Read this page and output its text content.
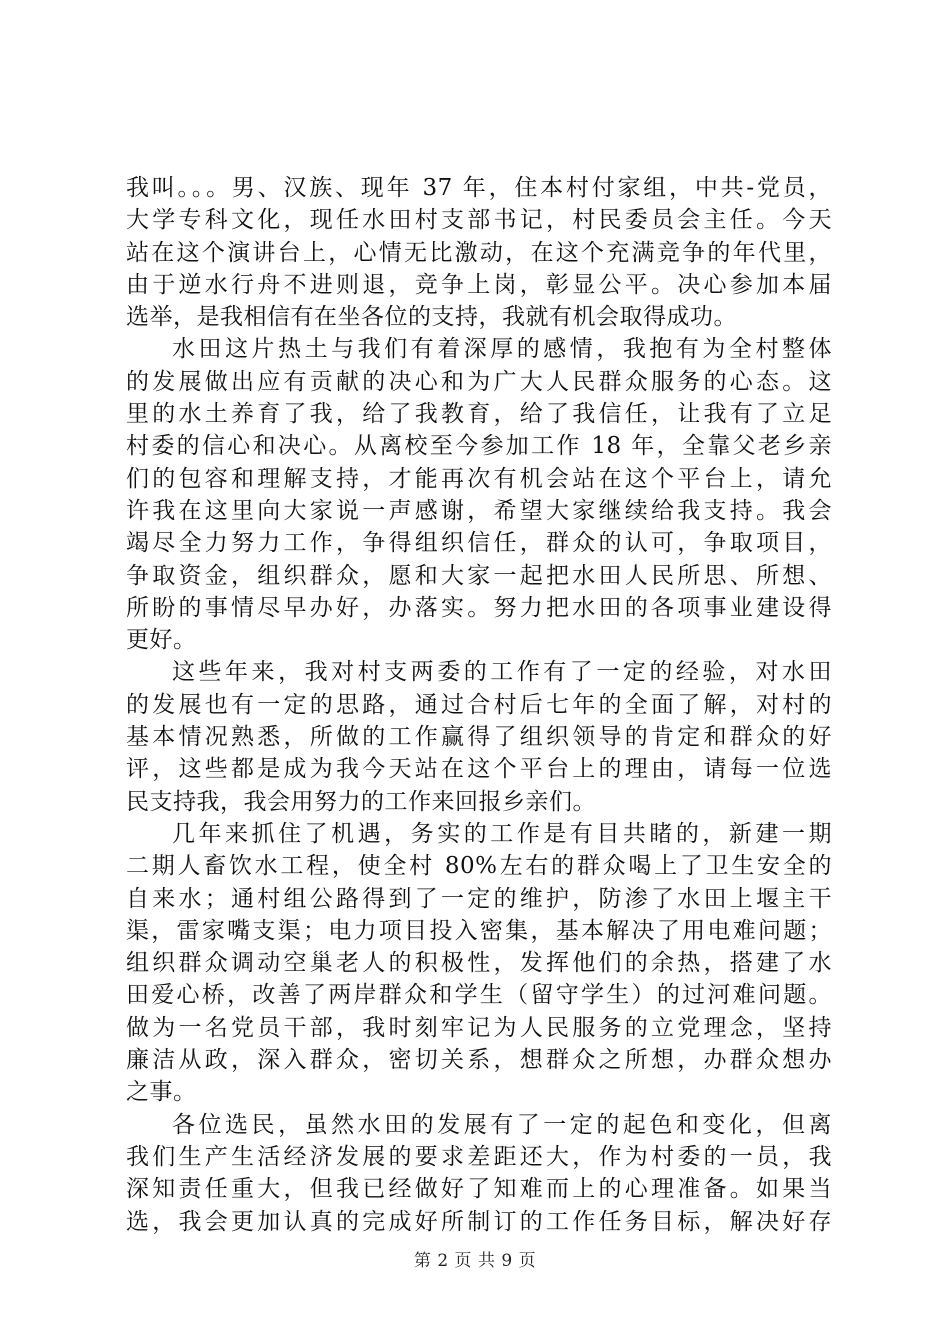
我叫。。。男、汉族、现年 37 年，住本村付家组，中共-党员，
大学专科文化，现任水田村支部书记，村民委员会主任。今天
站在这个演讲台上，心情无比激动，在这个充满竞争的年代里，
由于逆水行舟不进则退，竞争上岗，彰显公平。决心参加本届
选举，是我相信有在坐各位的支持，我就有机会取得成功。
水田这片热土与我们有着深厚的感情，我抱有为全村整体
的发展做出应有贡献的决心和为广大人民群众服务的心态。这
里的水土养育了我，给了我教育，给了我信任，让我有了立足
村委的信心和决心。从离校至今参加工作 18 年，全靠父老乡亲
们的包容和理解支持，才能再次有机会站在这个平台上，请允
许我在这里向大家说一声感谢，希望大家继续给我支持。我会
竭尽全力努力工作，争得组织信任，群众的认可，争取项目，
争取资金，组织群众，愿和大家一起把水田人民所思、所想、
所盼的事情尽早办好，办落实。努力把水田的各项事业建设得
更好。
这些年来，我对村支两委的工作有了一定的经验，对水田
的发展也有一定的思路，通过合村后七年的全面了解，对村的
基本情况熟悉，所做的工作赢得了组织领导的肯定和群众的好
评，这些都是成为我今天站在这个平台上的理由，请每一位选
民支持我，我会用努力的工作来回报乡亲们。
几年来抓住了机遇，务实的工作是有目共睹的，新建一期
二期人畜饮水工程，使全村 80%左右的群众喝上了卫生安全的
自来水；通村组公路得到了一定的维护，防渗了水田上堰主干
渠，雷家嘴支渠；电力项目投入密集，基本解决了用电难问题；
组织群众调动空巢老人的积极性，发挥他们的余热，搭建了水
田爱心桥，改善了两岸群众和学生（留守学生）的过河难问题。
做为一名党员干部，我时刻牢记为人民服务的立党理念，坚持
廉洁从政，深入群众，密切关系，想群众之所想，办群众想办
之事。
各位选民，虽然水田的发展有了一定的起色和变化，但离
我们生产生活经济发展的要求差距还大，作为村委的一员，我
深知责任重大，但我已经做好了知难而上的心理准备。如果当
选，我会更加认真的完成好所制订的工作任务目标，解决好存
第 2 页 共 9 页
